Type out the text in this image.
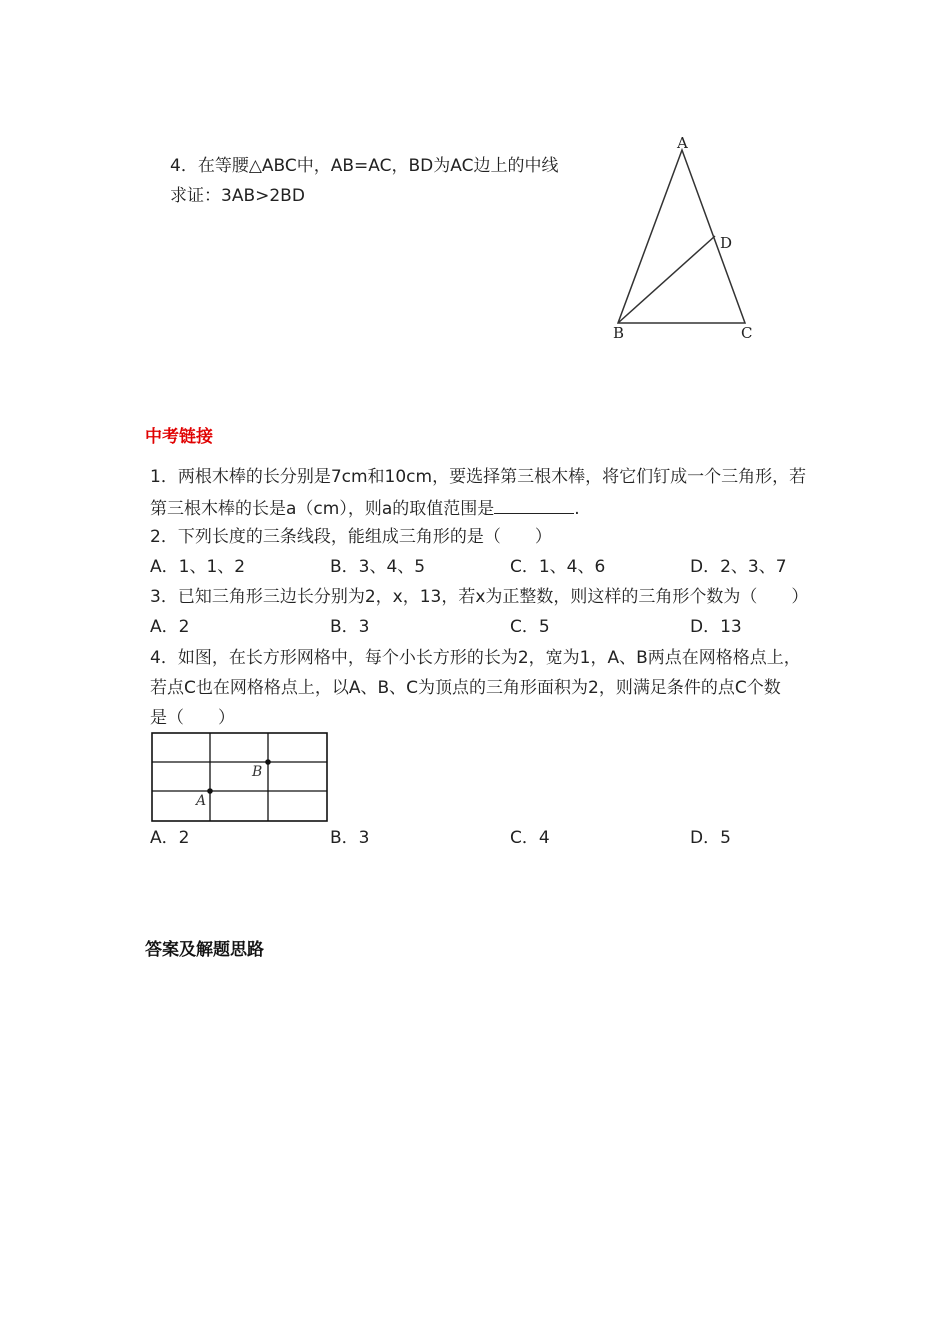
4．在等腰△ABC中，AB=AC，BD为AC边上的中线
求证：3AB>2BD
A
D
B	C
中考链接
1．两根木棒的长分别是7cm和10cm，要选择第三根木棒，将它们钉成一个三角形，若
第三根木棒的长是a（cm），则a的取值范围是	.
2．下列长度的三条线段，能组成三角形的是（　　）
A．1、1、2	B．3、4、5	C．1、4、6	D．2、3、7
3．已知三角形三边长分别为2，x，13，若x为正整数，则这样的三角形个数为（　　）
A．2	B．3	C．5	D．13
4．如图，在长方形网格中，每个小长方形的长为2，宽为1，A、B两点在网格格点上，
若点C也在网格格点上，以A、B、C为顶点的三角形面积为2，则满足条件的点C个数
是（　　）
A
B
A．2	B．3	C．4	D．5
答案及解题思路
